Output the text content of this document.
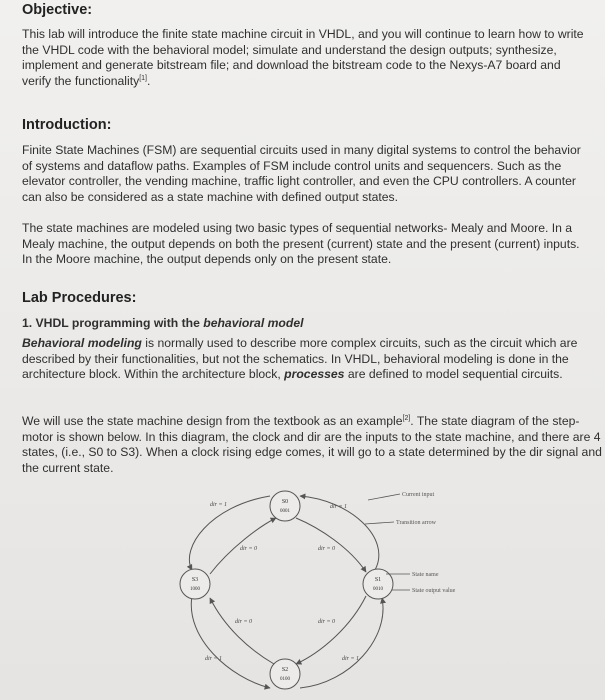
Objective:

This lab will introduce the finite state machine circuit in VHDL, and you will continue to learn how to write the VHDL code with the behavioral model; simulate and understand the design outputs; synthesize, implement and generate bitstream file; and download the bitstream code to the Nexys-A7 board and verify the functionality[1].

Introduction:

Finite State Machines (FSM) are sequential circuits used in many digital systems to control the behavior of systems and dataflow paths. Examples of FSM include control units and sequencers. Such as the elevator controller, the vending machine, traffic light controller, and even the CPU controllers. A counter can also be considered as a state machine with defined output states.

The state machines are modeled using two basic types of sequential networks- Mealy and Moore. In a Mealy machine, the output depends on both the present (current) state and the present (current) inputs. In the Moore machine, the output depends only on the present state.

Lab Procedures:

1. VHDL programming with the behavioral model

Behavioral modeling is normally used to describe more complex circuits, such as the circuit which are described by their functionalities, but not the schematics. In VHDL, behavioral modeling is done in the architecture block. Within the architecture block, processes are defined to model sequential circuits.

We will use the state machine design from the textbook as an example[2]. The state diagram of the step-motor is shown below. In this diagram, the clock and dir are the inputs to the state machine, and there are 4 states, (i.e., S0 to S3). When a clock rising edge comes, it will go to a state determined by the dir signal and the current state.

S0
0001
S1
0010
S2
0100
S3
1000
dir = 1	dir = 1
dir = 0	dir = 0
dir = 0	dir = 0
dir = 1	dir = 1
Current input
Transition arrow
State name
State output value
